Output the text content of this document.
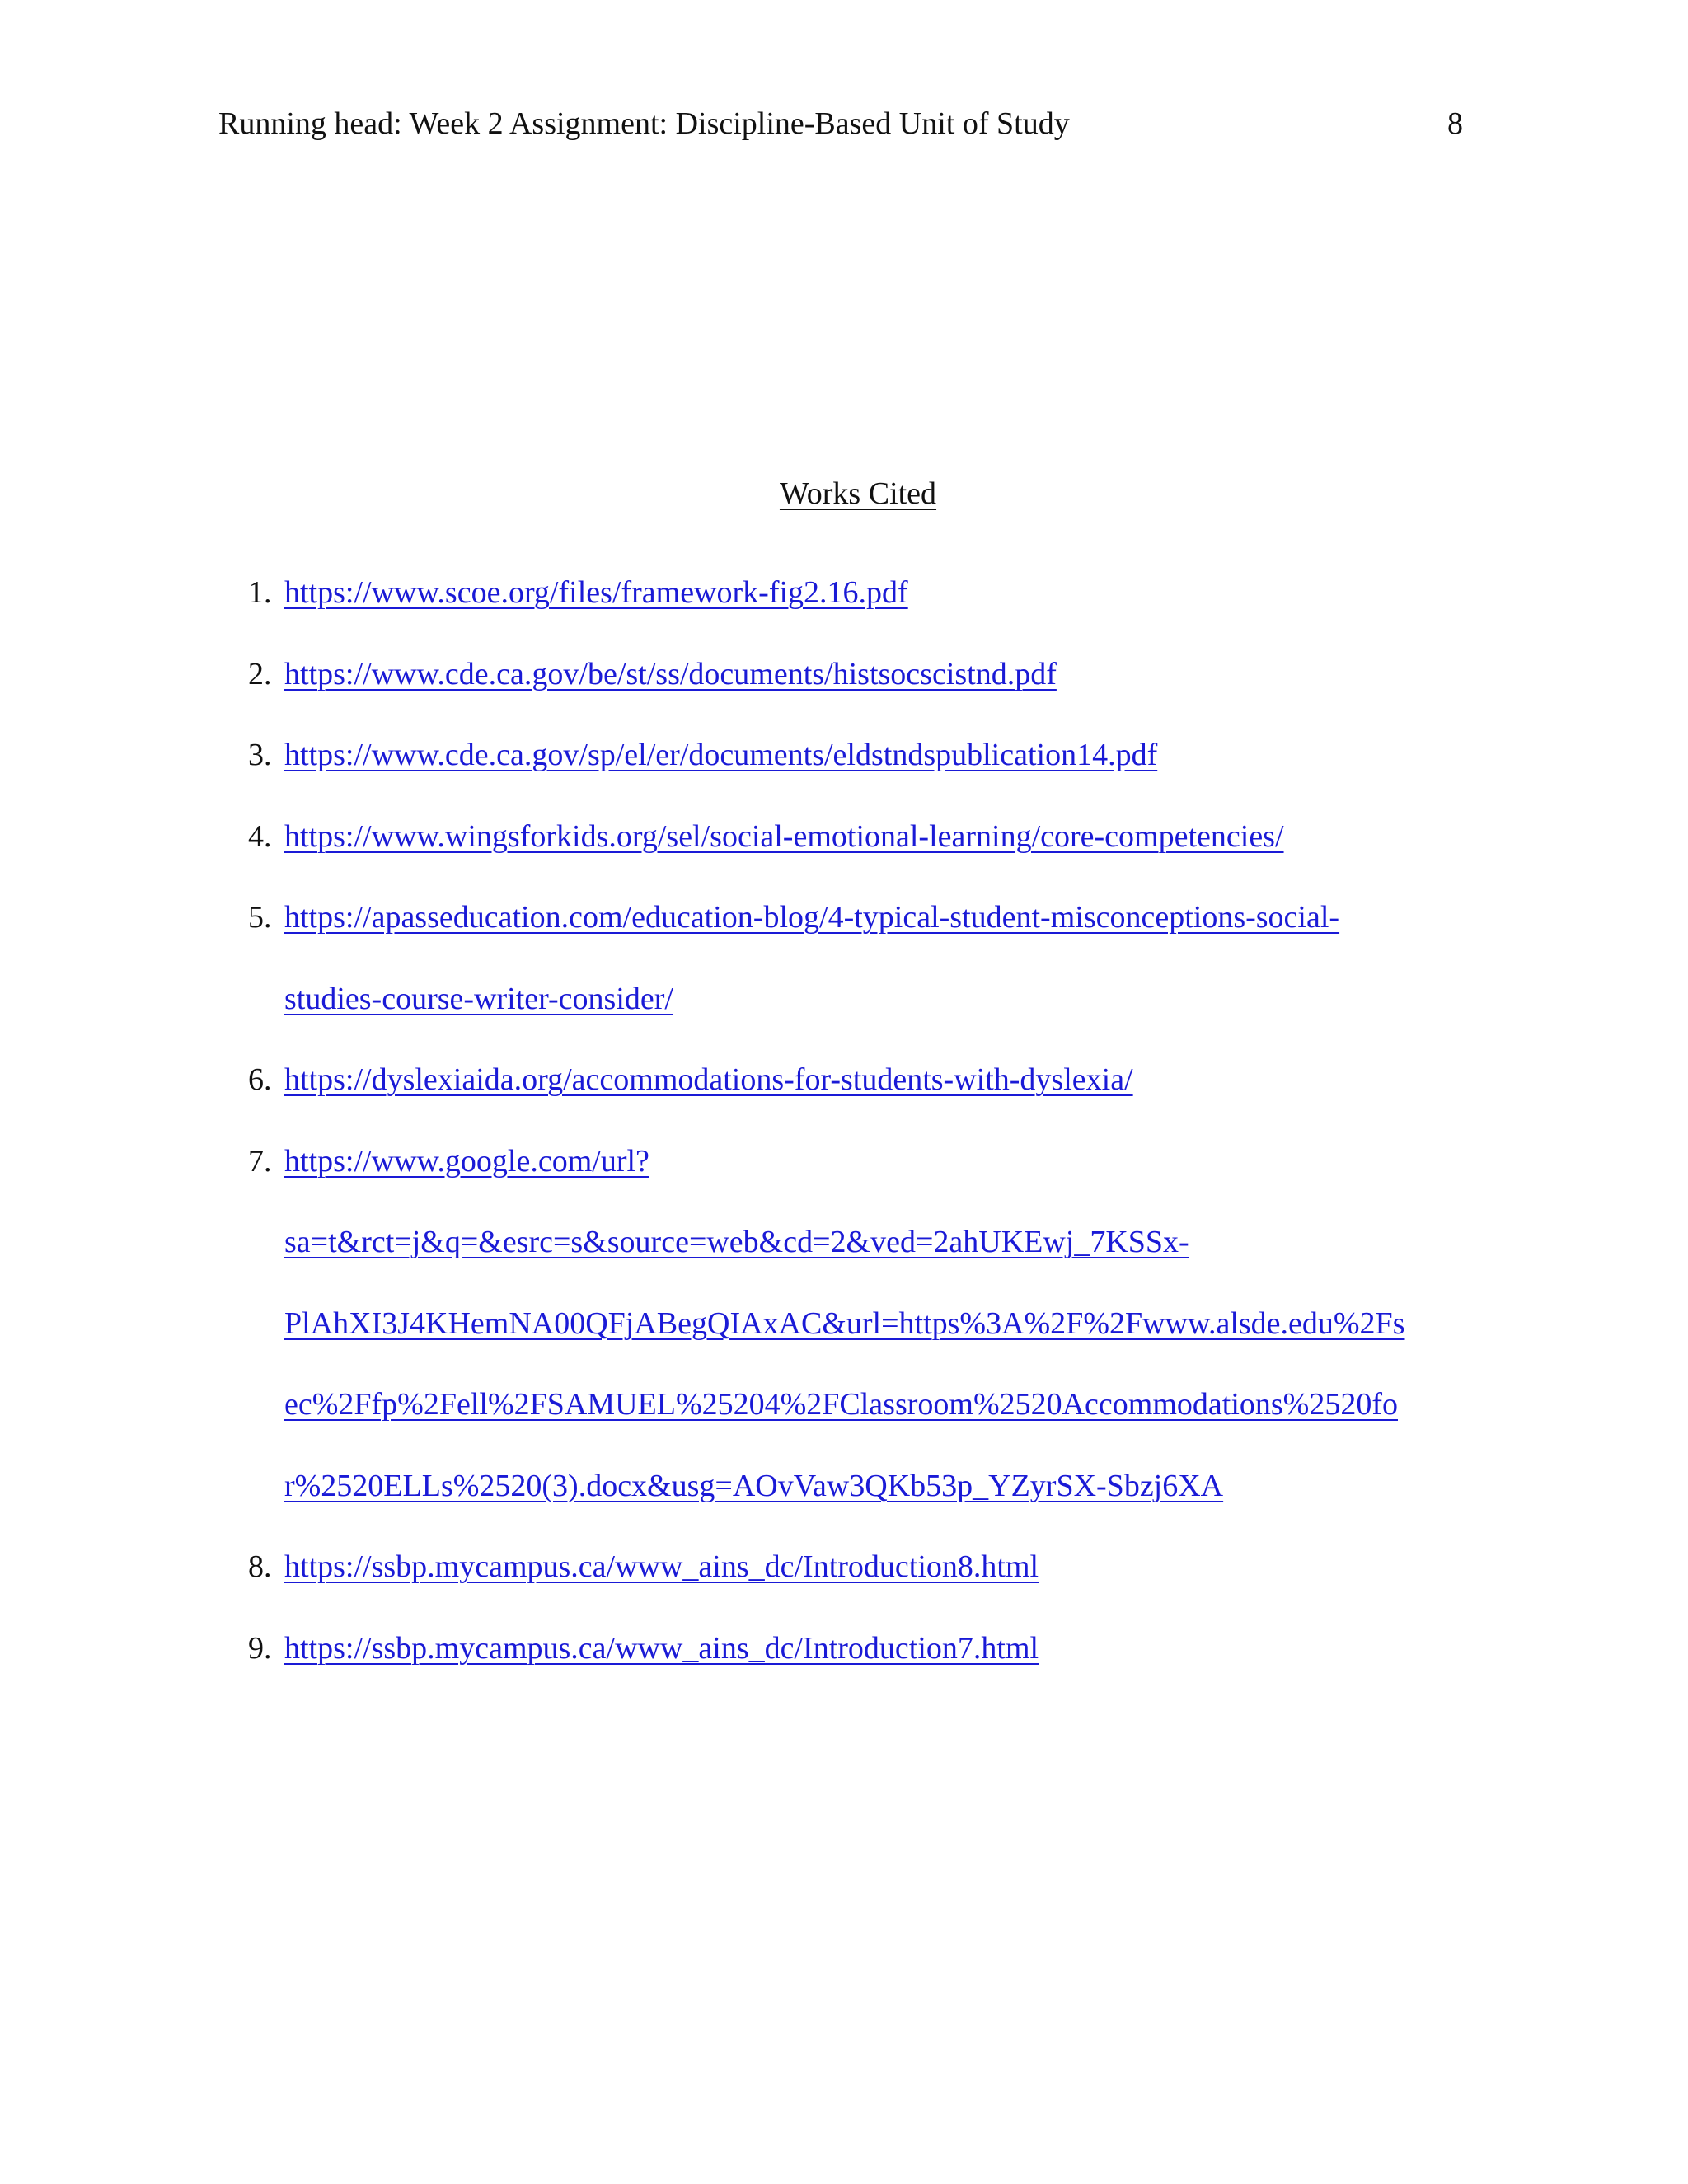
Running head: Week 2 Assignment: Discipline-Based Unit of Study	8
Works Cited
1. https://www.scoe.org/files/framework-fig2.16.pdf
2. https://www.cde.ca.gov/be/st/ss/documents/histsocscistnd.pdf
3. https://www.cde.ca.gov/sp/el/er/documents/eldstndspublication14.pdf
4. https://www.wingsforkids.org/sel/social-emotional-learning/core-competencies/
5. https://apasseducation.com/education-blog/4-typical-student-misconceptions-social-
studies-course-writer-consider/
6. https://dyslexiaida.org/accommodations-for-students-with-dyslexia/
7. https://www.google.com/url?
sa=t&rct=j&q=&esrc=s&source=web&cd=2&ved=2ahUKEwj_7KSSx-
PlAhXI3J4KHemNA00QFjABegQIAxAC&url=https%3A%2F%2Fwww.alsde.edu%2Fs
ec%2Ffp%2Fell%2FSAMUEL%25204%2FClassroom%2520Accommodations%2520fo
r%2520ELLs%2520(3).docx&usg=AOvVaw3QKb53p_YZyrSX-Sbzj6XA
8. https://ssbp.mycampus.ca/www_ains_dc/Introduction8.html
9. https://ssbp.mycampus.ca/www_ains_dc/Introduction7.html
